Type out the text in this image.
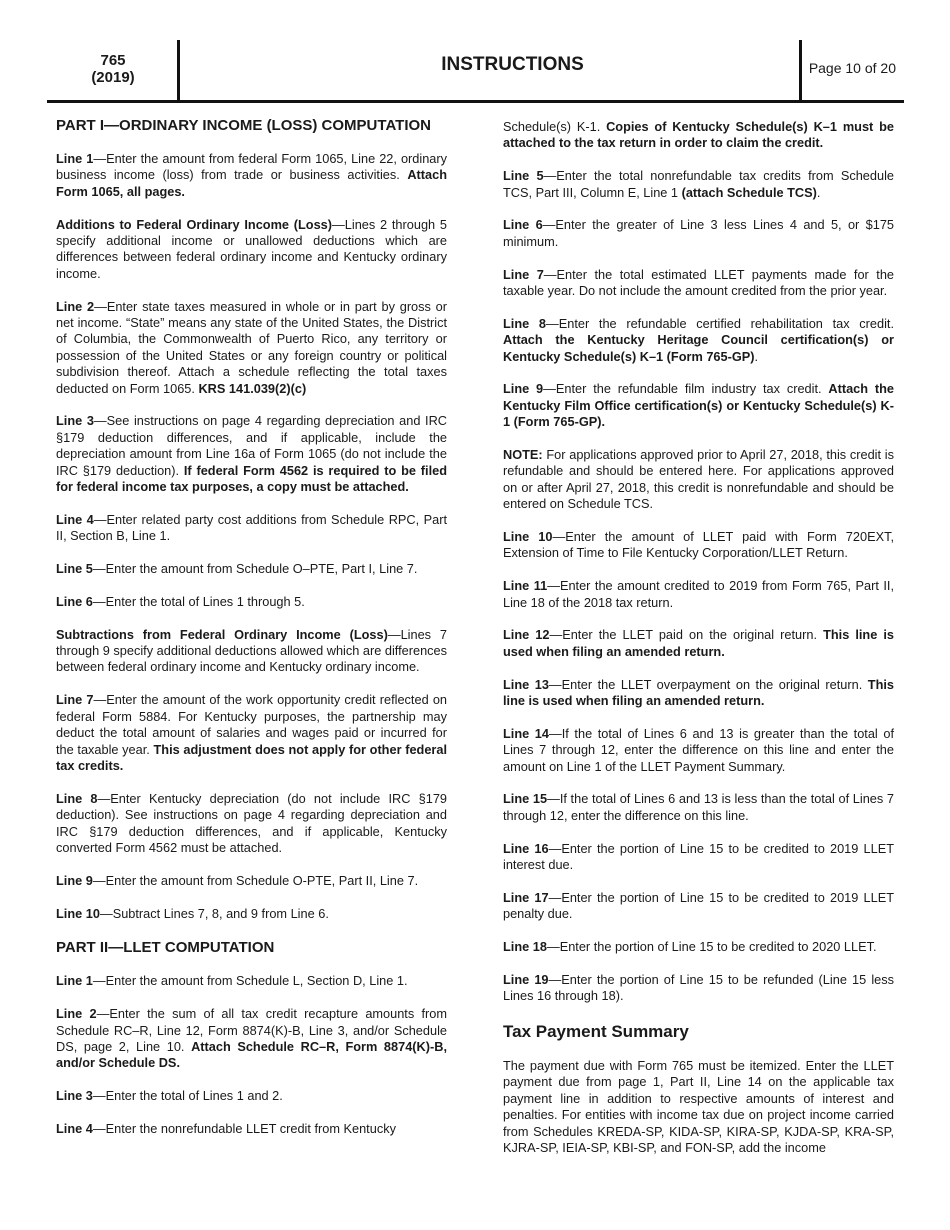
765
(2019)
INSTRUCTIONS	Page 10 of 20
PART I—ORDINARY INCOME (LOSS) COMPUTATION

Line 1—Enter the amount from federal Form 1065, Line 22, ordinary business income (loss) from trade or business activities. Attach Form 1065, all pages.

Additions to Federal Ordinary Income (Loss)—Lines 2 through 5 specify additional income or unallowed deductions which are differences between federal ordinary income and Kentucky ordinary income.

Line 2—Enter state taxes measured in whole or in part by gross or net income. “State” means any state of the United States, the District of Columbia, the Commonwealth of Puerto Rico, any territory or possession of the United States or any foreign country or political subdivision thereof. Attach a schedule reflecting the total taxes deducted on Form 1065. KRS 141.039(2)(c)

Line 3—See instructions on page 4 regarding depreciation and IRC §179 deduction differences, and if applicable, include the depreciation amount from Line 16a of Form 1065 (do not include the IRC §179 deduction). If federal Form 4562 is required to be filed for federal income tax purposes, a copy must be attached.

Line 4—Enter related party cost additions from Schedule RPC, Part II, Section B, Line 1.

Line 5—Enter the amount from Schedule O–PTE, Part I, Line 7.

Line 6—Enter the total of Lines 1 through 5.

Subtractions from Federal Ordinary Income (Loss)—Lines 7 through 9 specify additional deductions allowed which are differences between federal ordinary income and Kentucky ordinary income.

Line 7—Enter the amount of the work opportunity credit reflected on federal Form 5884. For Kentucky purposes, the partnership may deduct the total amount of salaries and wages paid or incurred for the taxable year. This adjustment does not apply for other federal tax credits.

Line 8—Enter Kentucky depreciation (do not include IRC §179 deduction). See instructions on page 4 regarding depreciation and IRC §179 deduction differences, and if applicable, Kentucky converted Form 4562 must be attached.

Line 9—Enter the amount from Schedule O-PTE, Part II, Line 7.

Line 10—Subtract Lines 7, 8, and 9 from Line 6.

PART II—LLET COMPUTATION

Line 1—Enter the amount from Schedule L, Section D, Line 1.

Line 2—Enter the sum of all tax credit recapture amounts from Schedule RC–R, Line 12, Form 8874(K)-B, Line 3, and/or Schedule DS, page 2, Line 10. Attach Schedule RC–R, Form 8874(K)-B, and/or Schedule DS.

Line 3—Enter the total of Lines 1 and 2.

Line 4—Enter the nonrefundable LLET credit from Kentucky

Schedule(s) K-1. Copies of Kentucky Schedule(s) K–1 must be attached to the tax return in order to claim the credit.

Line 5—Enter the total nonrefundable tax credits from Schedule TCS, Part III, Column E, Line 1 (attach Schedule TCS).

Line 6—Enter the greater of Line 3 less Lines 4 and 5, or $175 minimum.

Line 7—Enter the total estimated LLET payments made for the taxable year. Do not include the amount credited from the prior year.

Line 8—Enter the refundable certified rehabilitation tax credit. Attach the Kentucky Heritage Council certification(s) or Kentucky Schedule(s) K–1 (Form 765-GP).

Line 9—Enter the refundable film industry tax credit. Attach the Kentucky Film Office certification(s) or Kentucky Schedule(s) K-1 (Form 765-GP).

NOTE: For applications approved prior to April 27, 2018, this credit is refundable and should be entered here. For applications approved on or after April 27, 2018, this credit is nonrefundable and should be entered on Schedule TCS.

Line 10—Enter the amount of LLET paid with Form 720EXT, Extension of Time to File Kentucky Corporation/LLET Return.

Line 11—Enter the amount credited to 2019 from Form 765, Part II, Line 18 of the 2018 tax return.

Line 12—Enter the LLET paid on the original return. This line is used when filing an amended return.

Line 13—Enter the LLET overpayment on the original return. This line is used when filing an amended return.

Line 14—If the total of Lines 6 and 13 is greater than the total of Lines 7 through 12, enter the difference on this line and enter the amount on Line 1 of the LLET Payment Summary.

Line 15—If the total of Lines 6 and 13 is less than the total of Lines 7 through 12, enter the difference on this line.

Line 16—Enter the portion of Line 15 to be credited to 2019 LLET interest due.

Line 17—Enter the portion of Line 15 to be credited to 2019 LLET penalty due.

Line 18—Enter the portion of Line 15 to be credited to 2020 LLET.

Line 19—Enter the portion of Line 15 to be refunded (Line 15 less Lines 16 through 18).

Tax Payment Summary

The payment due with Form 765 must be itemized. Enter the LLET payment due from page 1, Part II, Line 14 on the applicable tax payment line in addition to respective amounts of interest and penalties. For entities with income tax due on project income carried from Schedules KREDA-SP, KIDA-SP, KIRA-SP, KJDA-SP, KRA-SP, KJRA-SP, IEIA-SP, KBI-SP, and FON-SP, add the income
